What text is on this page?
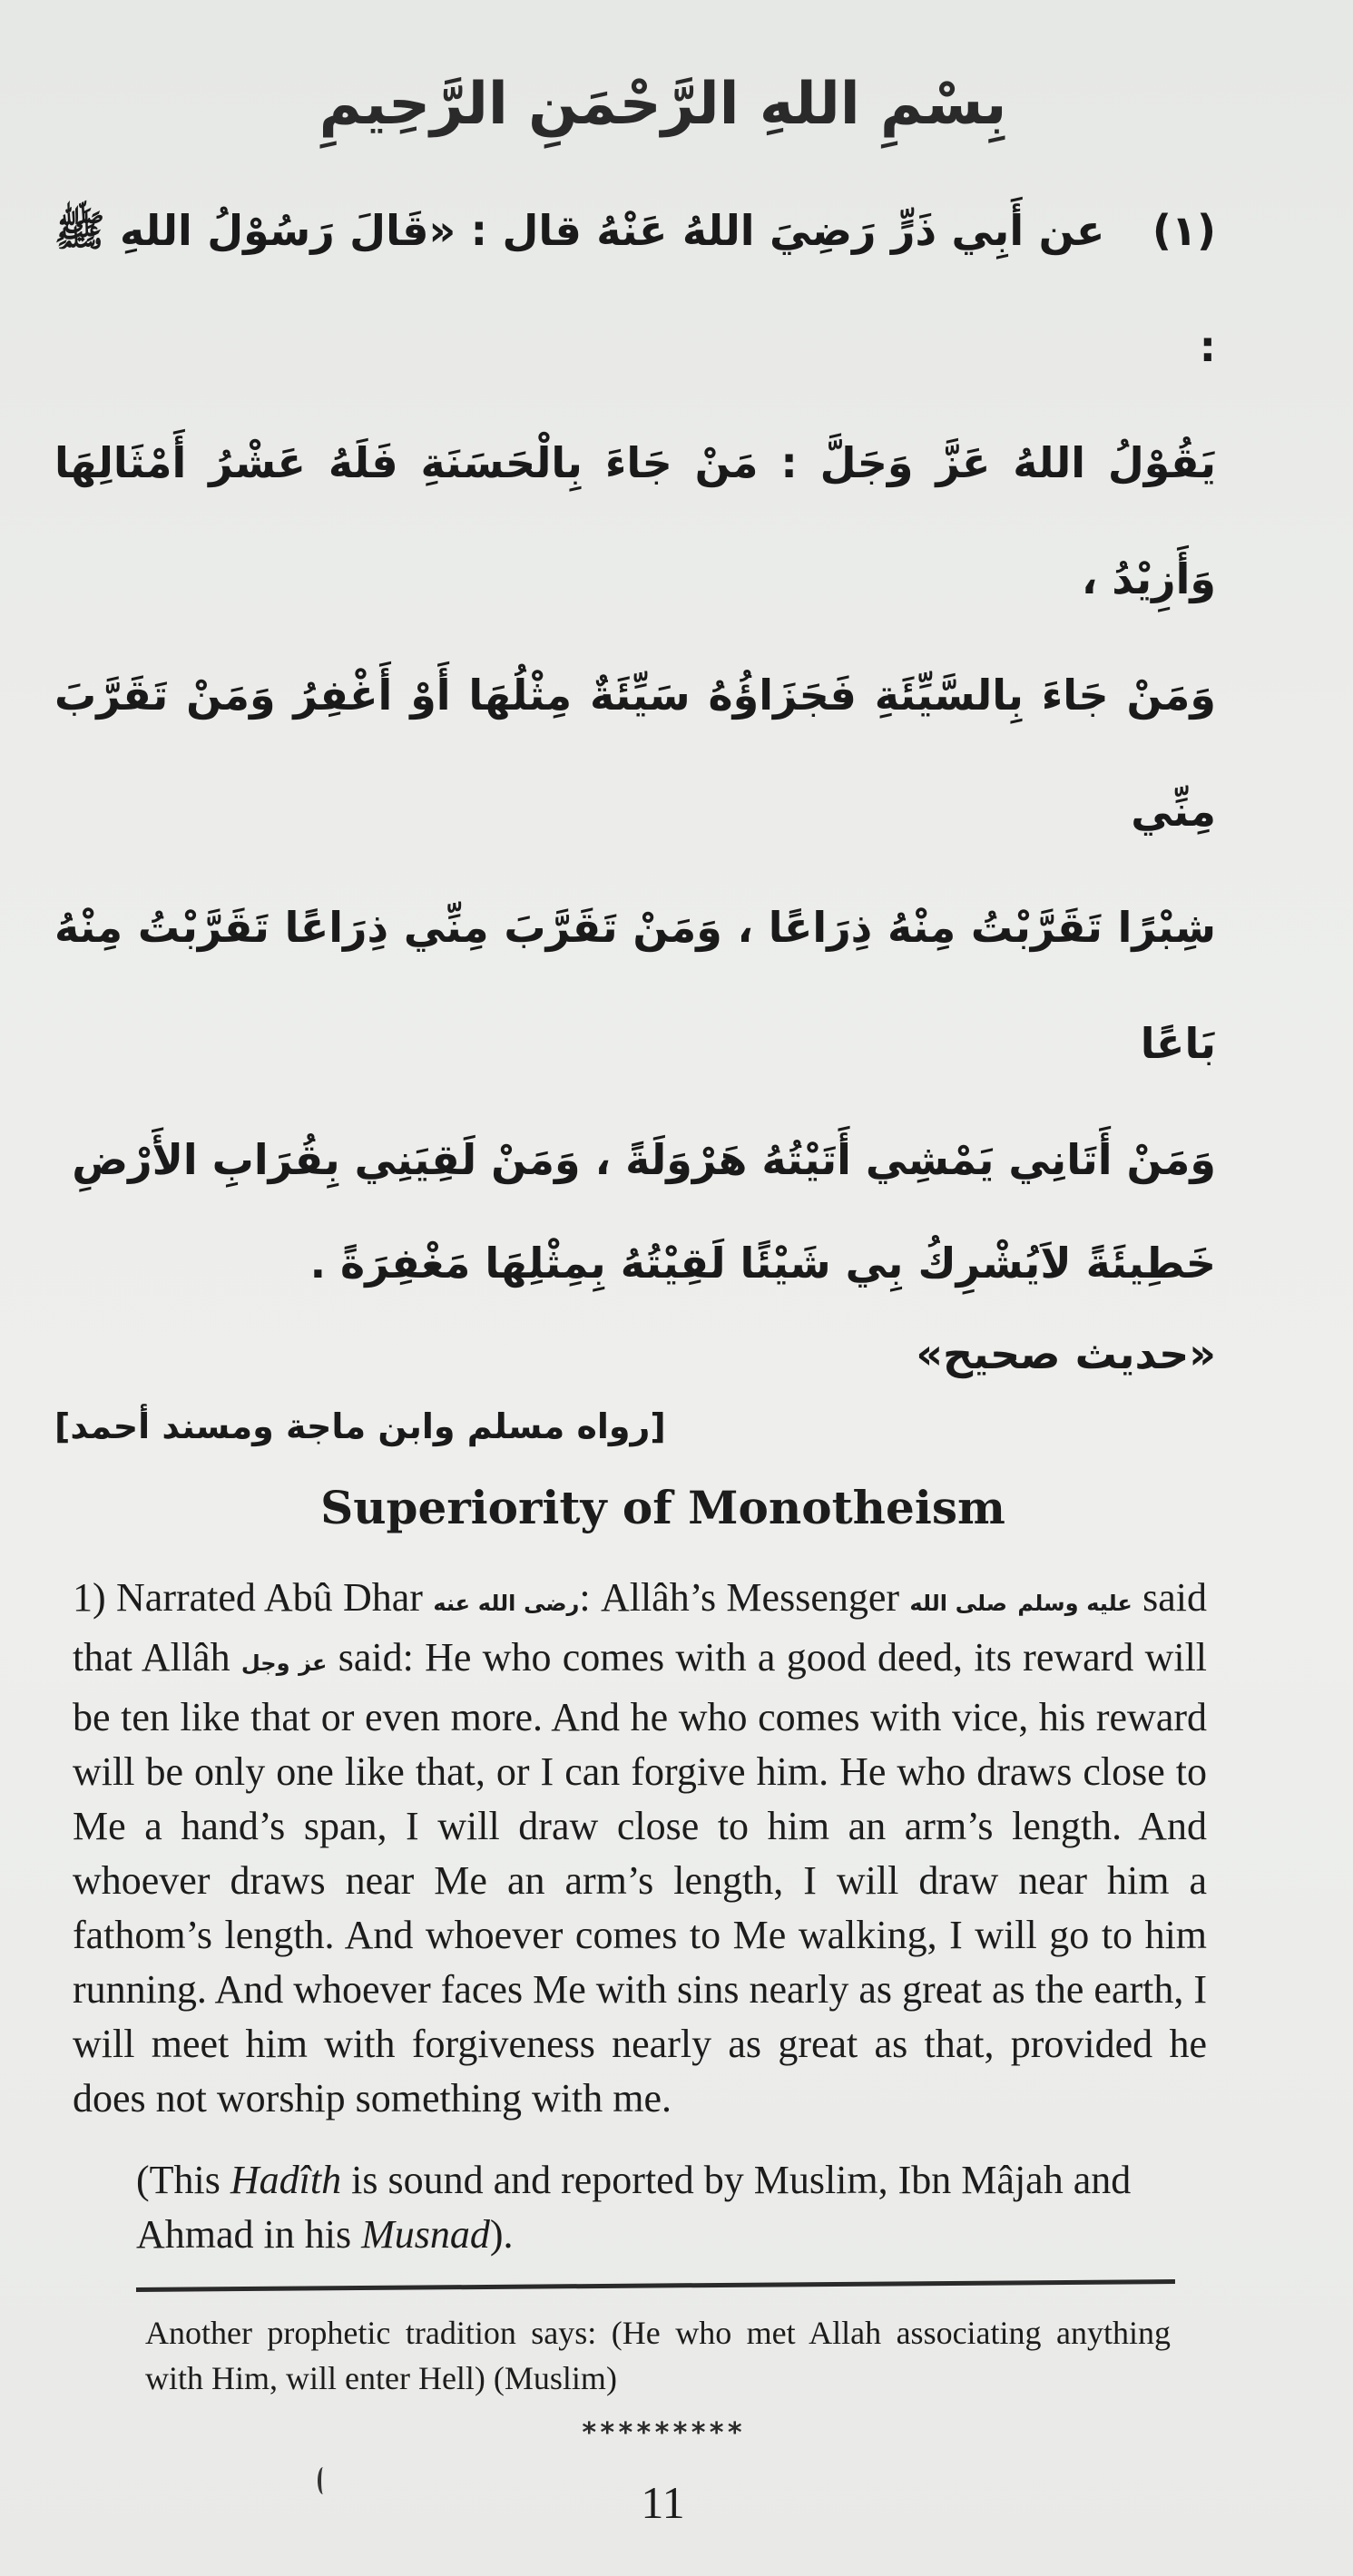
بِسْمِ اللهِ الرَّحْمَنِ الرَّحِيمِ

(١) عن أَبِي ذَرٍّ رَضِيَ اللهُ عَنْهُ قال : «قَالَ رَسُوْلُ اللهِ ﷺ :

يَقُوْلُ اللهُ عَزَّ وَجَلَّ : مَنْ جَاءَ بِالْحَسَنَةِ فَلَهُ عَشْرُ أَمْثَالِهَا وَأَزِيْدُ ،

وَمَنْ جَاءَ بِالسَّيِّئَةِ فَجَزَاؤُهُ سَيِّئَةٌ مِثْلُهَا أَوْ أَغْفِرُ وَمَنْ تَقَرَّبَ مِنِّي

شِبْرًا تَقَرَّبْتُ مِنْهُ ذِرَاعًا ، وَمَنْ تَقَرَّبَ مِنِّي ذِرَاعًا تَقَرَّبْتُ مِنْهُ بَاعًا

وَمَنْ أَتَانِي يَمْشِي أَتَيْتُهُ هَرْوَلَةً ، وَمَنْ لَقِيَنِي بِقُرَابِ الأَرْضِ

خَطِيئَةً لاَيُشْرِكُ بِي شَيْئًا لَقِيْتُهُ بِمِثْلِهَا مَغْفِرَةً .
«حديث صحيح»
[رواه مسلم وابن ماجة ومسند أحمد]
Superiority of Monotheism

1) Narrated Abû Dhar رضى الله عنه: Allâh’s Messenger صلى الله عليه وسلم said that Allâh عز وجل said: He who comes with a good deed, its reward will be ten like that or even more. And he who comes with vice, his reward will be only one like that, or I can forgive him. He who draws close to Me a hand’s span, I will draw close to him an arm’s length. And whoever draws near Me an arm’s length, I will draw near him a fathom’s length. And whoever comes to Me walking, I will go to him running. And whoever faces Me with sins nearly as great as the earth, I will meet him with forgiveness nearly as great as that, provided he does not worship something with me.

(This Hadîth is sound and reported by Muslim, Ibn Mâjah and Ahmad in his Musnad).

Another prophetic tradition says: (He who met Allah associating anything with Him, will enter Hell) (Muslim)

*********
11
